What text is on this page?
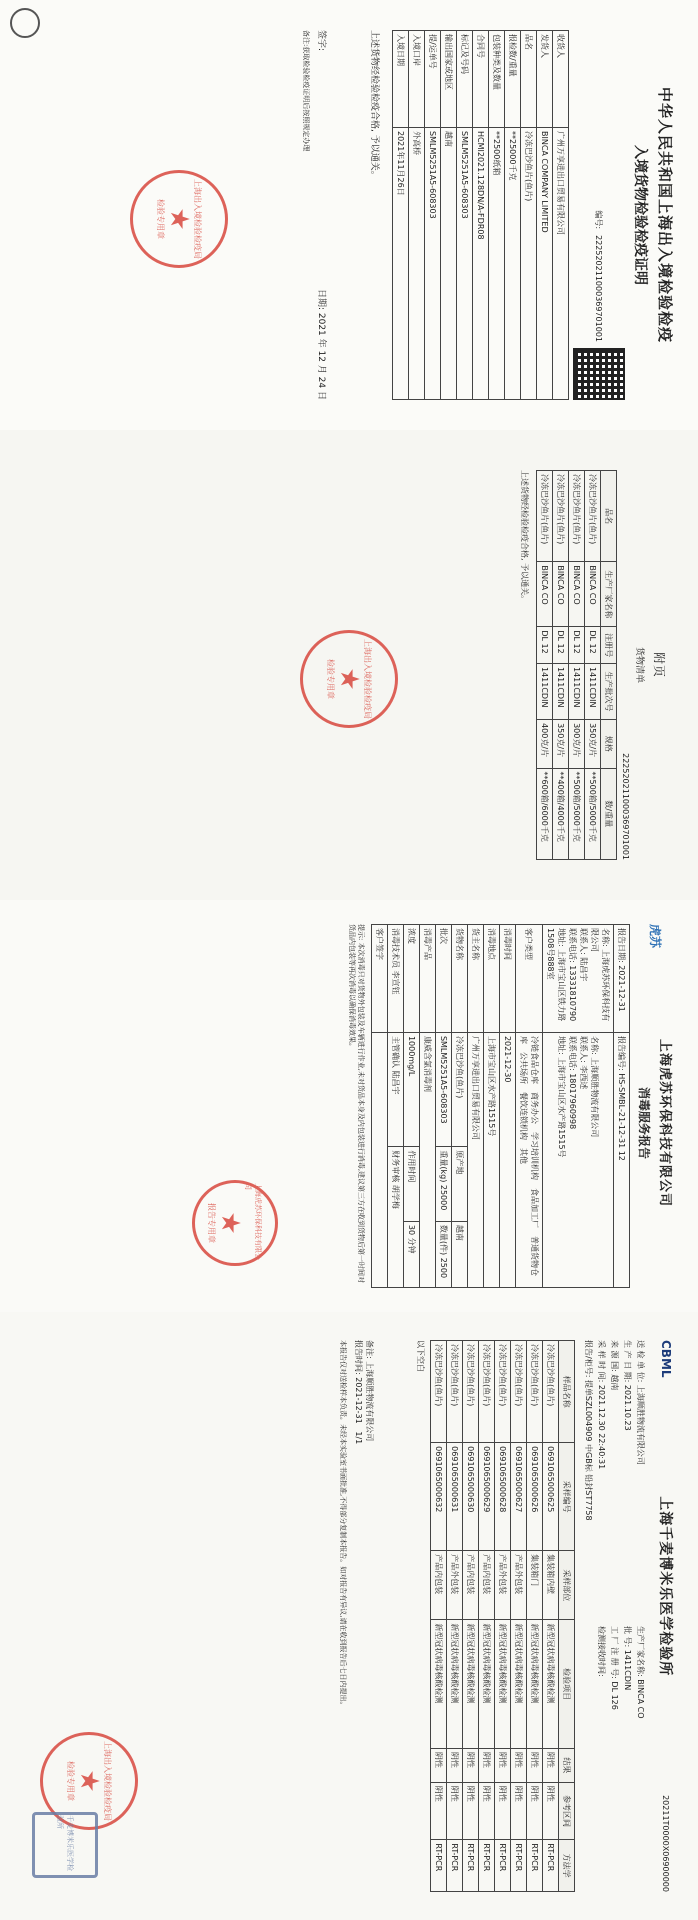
中华人民共和国上海出入境检验检疫
入境货物检验检疫证明
编号:
222520211000369701001
收货人	广州万享进出口贸易有限公司
发货人	BINCA COMPANY LIMITED
品名	冷冻巴沙鱼片(鱼片)
报检数/重量	**25000千克
包装种类及数量	**2500纸箱
合同号	HCMI2021.128DN/A-FDR08
标记及号码	SMLM5251A5-608303
输出国家或地区	越南
提/运单号	SMLM5251A5-608303
入境口岸	外高桥
入境日期	2021年11月26日
上述货物经检验检疫合格, 予以通关。
签字:
日期: 2021 年 12 月 24 日
备注:获取检验检疫证明后按照规定办理
上海出入境检验检疫局
★
检验专用章
附页
货物清单
222520211000369701001
品名	生产厂家名称	注册号	生产批次号	规格	数/重量
冷冻巴沙鱼片(鱼片)	BINCA CO	DL 12	1411CDIN	350克/片	**500箱/5000千克
冷冻巴沙鱼片(鱼片)	BINCA CO	DL 12	1411CDIN	300克/片	**500箱/5000千克
冷冻巴沙鱼片(鱼片)	BINCA CO	DL 12	1411CDIN	350克/片	**400箱/4000千克
冷冻巴沙鱼片(鱼片)	BINCA CO	DL 12	1411CDIN	400克/片	**600箱/6000千克
上述货物经检验检疫合格, 予以通关。
上海出入境检验检疫局
★
检验专用章
虎苏
上海虎苏环保科技有限公司
消毒服务报告
报告日期: 2021-12-31	报告编号: HS-SMBL-21-12-31 12		
名称: 上海虎苏环保科技有限公司
联系人: 陆昌宇
联系电话: 13331810790
地址: 上海市宝山区铁力路1508号888室	名称: 上海顺胜物流有限公司
联系人: 李西述
联系电话: 18017960998
地址: 上海市宝山区水产路1515号		
客户类型	冷链食品仓库商务办公学习培训机构食品加工厂普通货物仓库公共场所餐饮连锁机构其他		
消毒时间	2021-12-30		
消毒地点	上海市宝山区水产路1515号		
货主名称	广州万享进出口贸易有限公司		
货物名称	冷冻巴沙鱼(鱼片)	原产地	越南
批次	SMLM5251A5-608303	重量(kg) 25000	数量(件) 2500
消毒产品	康威含氯消毒剂		
浓度	1000mg/L	作用时间	30 分钟
消毒技术员 李宣钰	主管确认 陆昌宇	财务审核 胡学梅	
客户签字			
提示: 本次消毒只对货物外包装及车辆进行作业,未对货品本身及内包装进行消毒,建议第三方在收到货物后第一时间对货品内包装等再次消毒以确保消毒效果。
上海虎苏环保科技有限公司
★
报告专用章
CBML
上海千麦博米乐医学检验所
20211T0000X06900000
送 检 单 位: 上海顺胜物流有限公司
生产厂家名称: BINCA CO
生 产 日 期: 2021.10.23
批 号: 1411CDIN
来 源 国: 越南
工 厂 注 册 号: DL 126
采 样 时 间: 2021.12.30 22:40:31
检测接收时间:
报告/柜号: 提单SZL004909 中GB标 铅封ST7758
样品名称	采样编号	采样部位	检验项目	结果	参考区间	方法学
冷冻巴沙鱼(鱼片)	0691065000625	集装箱内壁	新型冠状病毒核酸检测	阴性	阴性	RT-PCR
冷冻巴沙鱼(鱼片)	0691065000626	集装箱门	新型冠状病毒核酸检测	阴性	阴性	RT-PCR
冷冻巴沙鱼(鱼片)	0691065000627	产品外包装	新型冠状病毒核酸检测	阴性	阴性	RT-PCR
冷冻巴沙鱼(鱼片)	0691065000628	产品外包装	新型冠状病毒核酸检测	阴性	阴性	RT-PCR
冷冻巴沙鱼(鱼片)	0691065000629	产品内包装	新型冠状病毒核酸检测	阴性	阴性	RT-PCR
冷冻巴沙鱼(鱼片)	0691065000630	产品内包装	新型冠状病毒核酸检测	阴性	阴性	RT-PCR
冷冻巴沙鱼(鱼片)	0691065000631	产品外包装	新型冠状病毒核酸检测	阴性	阴性	RT-PCR
冷冻巴沙鱼(鱼片)	0691065000632	产品内包装	新型冠状病毒核酸检测	阴性	阴性	RT-PCR
以下空白
备注: 上海顺胜物流有限公司
报告时间: 2021-12-31   1/1
本报告仅对送检样本负责。未经本实验室书面批准,不得部分复制本报告。如对报告有异议,请在收到报告后七日内提出。
上海出入境检验检疫局
★
检验专用章
千麦博米乐医学检验所
